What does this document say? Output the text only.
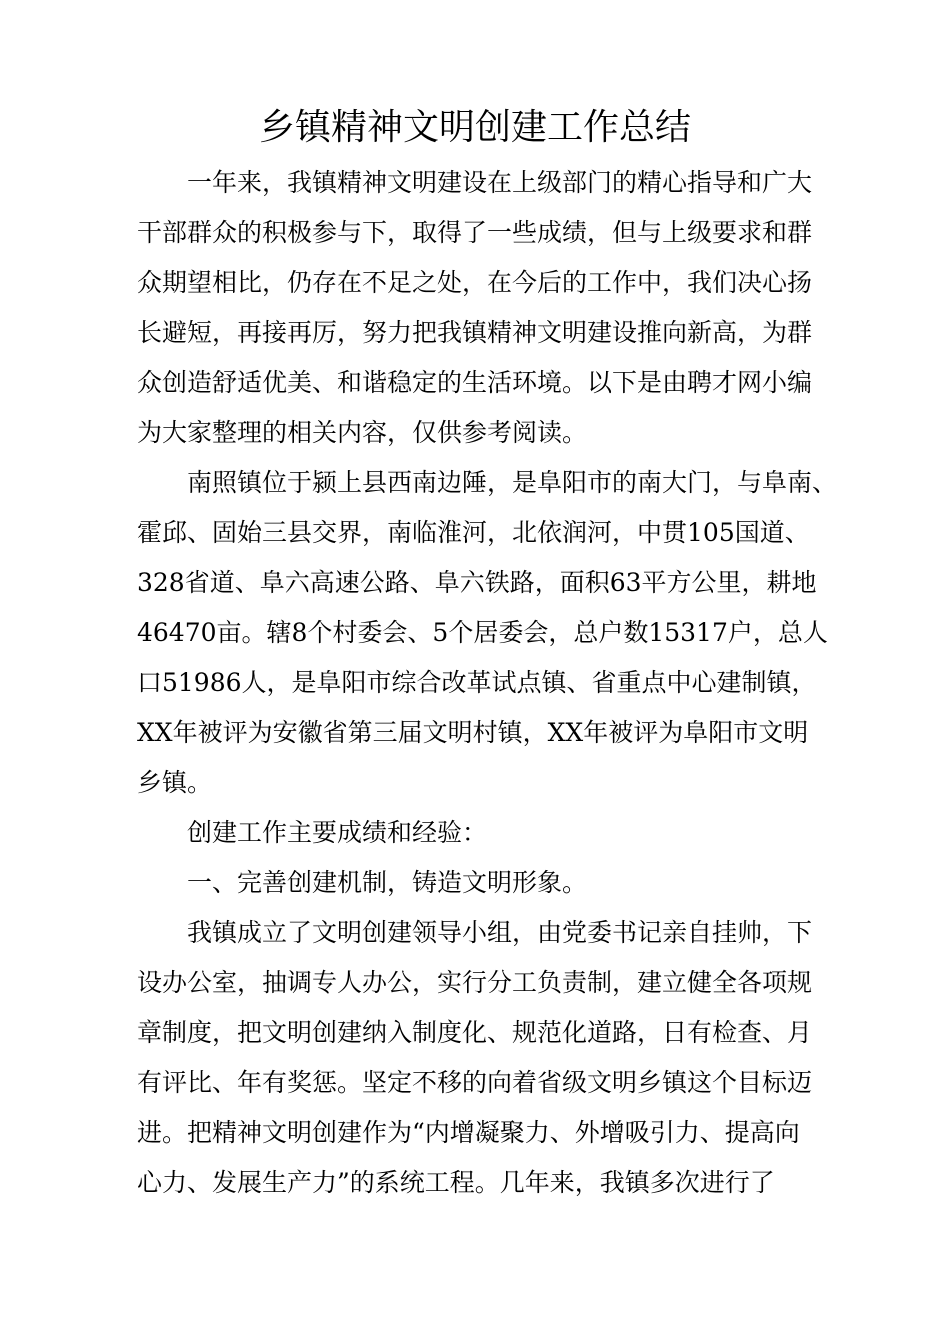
乡镇精神文明创建工作总结
一年来，我镇精神文明建设在上级部门的精心指导和广大
干部群众的积极参与下，取得了一些成绩，但与上级要求和群
众期望相比，仍存在不足之处，在今后的工作中，我们决心扬
长避短，再接再厉，努力把我镇精神文明建设推向新高，为群
众创造舒适优美、和谐稳定的生活环境。以下是由聘才网小编
为大家整理的相关内容，仅供参考阅读。
南照镇位于颍上县西南边陲，是阜阳市的南大门，与阜南、
霍邱、固始三县交界，南临淮河，北依润河，中贯105国道、
328省道、阜六高速公路、阜六铁路，面积63平方公里，耕地
46470亩。辖8个村委会、5个居委会，总户数15317户，总人
口51986人，是阜阳市综合改革试点镇、省重点中心建制镇，
XX年被评为安徽省第三届文明村镇，XX年被评为阜阳市文明
乡镇。
创建工作主要成绩和经验：
一、完善创建机制，铸造文明形象。
我镇成立了文明创建领导小组，由党委书记亲自挂帅，下
设办公室，抽调专人办公，实行分工负责制，建立健全各项规
章制度，把文明创建纳入制度化、规范化道路，日有检查、月
有评比、年有奖惩。坚定不移的向着省级文明乡镇这个目标迈
进。把精神文明创建作为“内增凝聚力、外增吸引力、提高向
心力、发展生产力”的系统工程。几年来，我镇多次进行了
